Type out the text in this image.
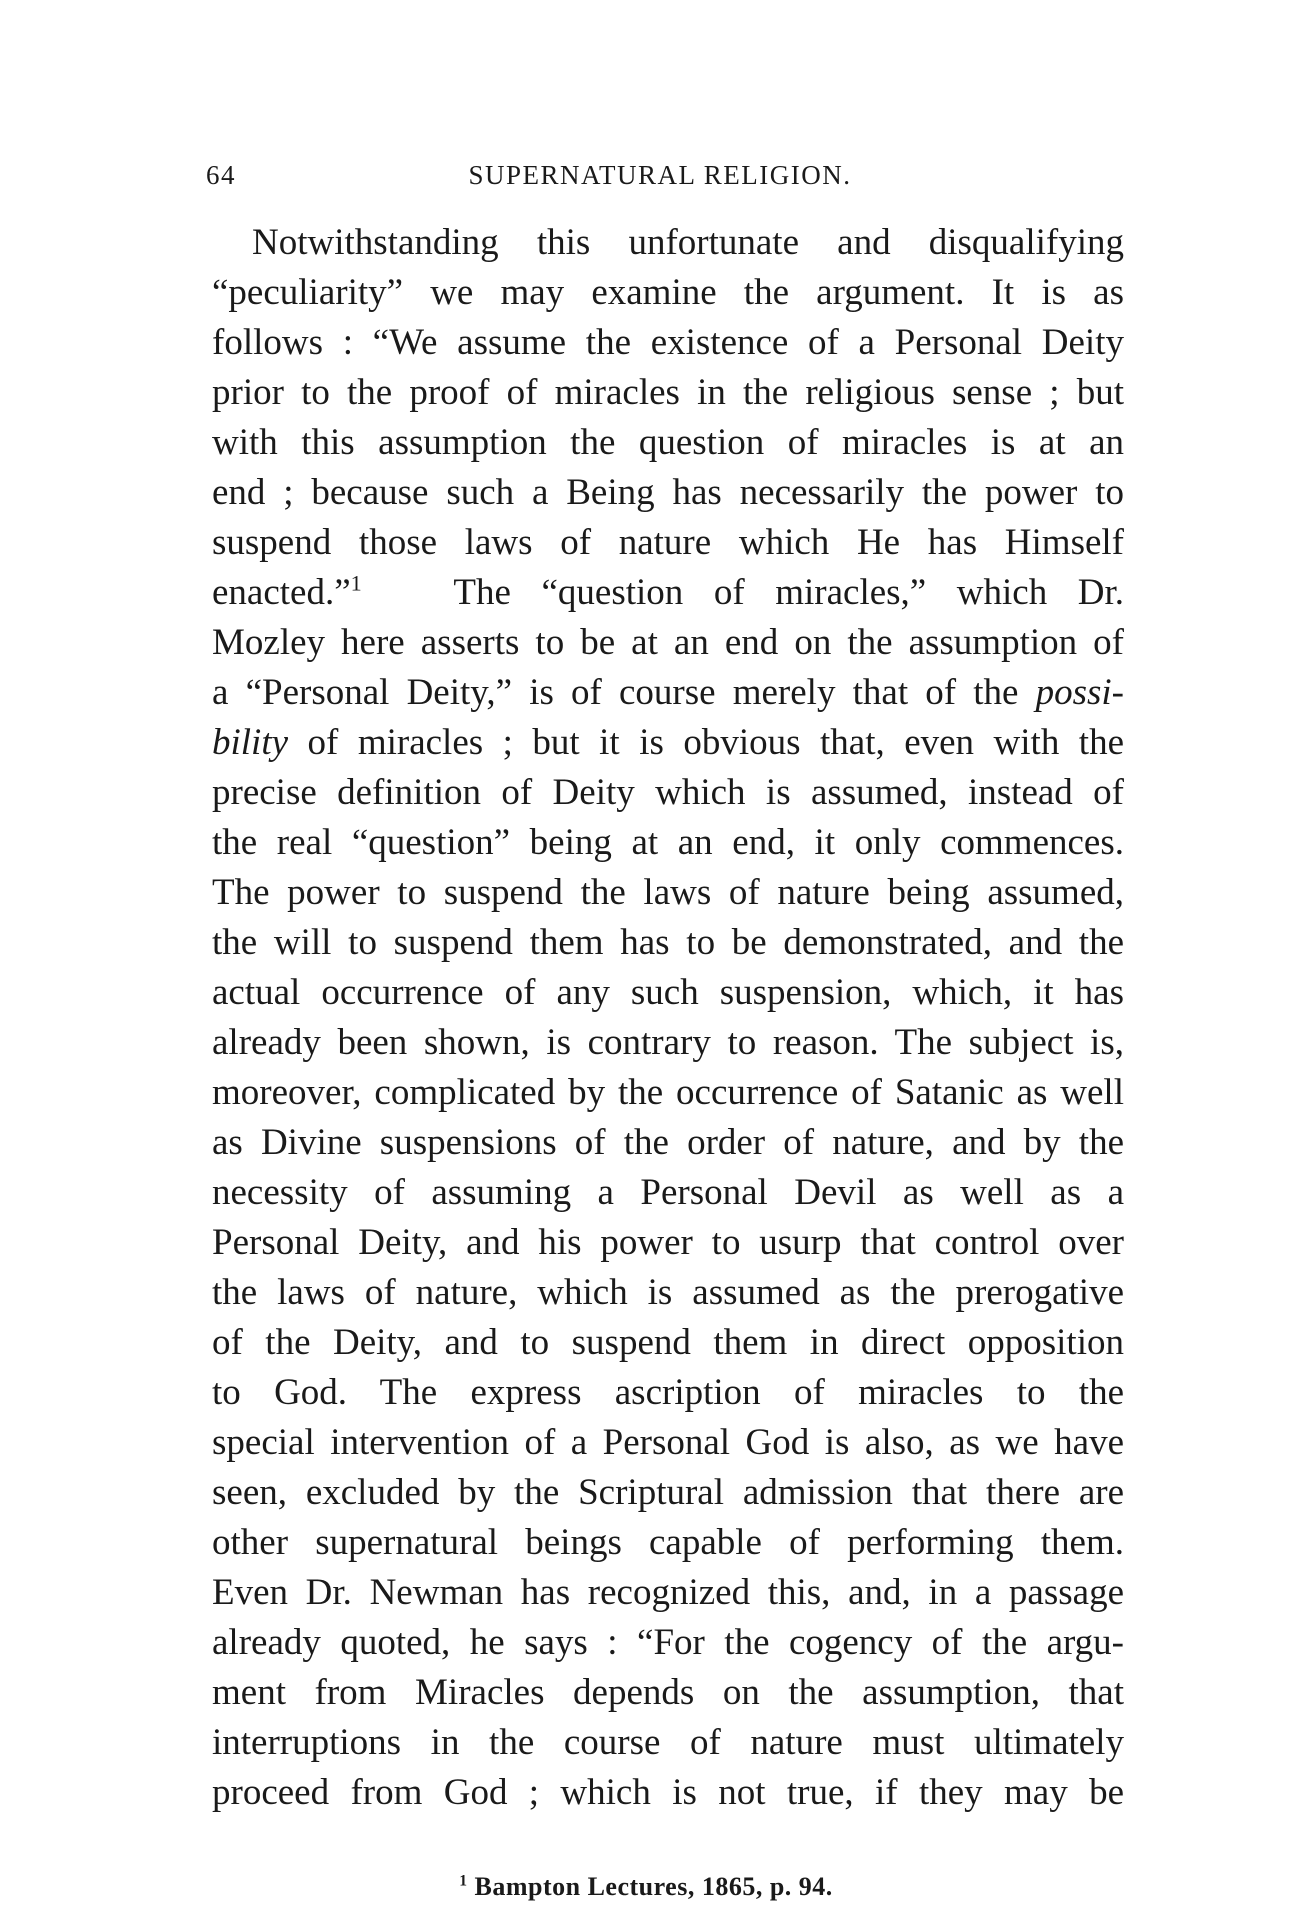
64	SUPERNATURAL RELIGION.
Notwithstanding this unfortunate and disqualifying
“peculiarity” we may examine the argument. It is as
follows : “We assume the existence of a Personal Deity
prior to the proof of miracles in the religious sense ; but
with this assumption the question of miracles is at an
end ; because such a Being has necessarily the power to
suspend those laws of nature which He has Himself
enacted.”$^1$ The “question of miracles,” which Dr.
Mozley here asserts to be at an end on the assumption of
a “Personal Deity,” is of course merely that of the possi-
bility of miracles ; but it is obvious that, even with the
precise definition of Deity which is assumed, instead of
the real “question” being at an end, it only commences.
The power to suspend the laws of nature being assumed,
the will to suspend them has to be demonstrated, and the
actual occurrence of any such suspension, which, it has
already been shown, is contrary to reason. The subject is,
moreover, complicated by the occurrence of Satanic as well
as Divine suspensions of the order of nature, and by the
necessity of assuming a Personal Devil as well as a
Personal Deity, and his power to usurp that control over
the laws of nature, which is assumed as the prerogative
of the Deity, and to suspend them in direct opposition
to God. The express ascription of miracles to the
special intervention of a Personal God is also, as we have
seen, excluded by the Scriptural admission that there are
other supernatural beings capable of performing them.
Even Dr. Newman has recognized this, and, in a passage
already quoted, he says : “For the cogency of the argu-
ment from Miracles depends on the assumption, that
interruptions in the course of nature must ultimately
proceed from God ; which is not true, if they may be
$^1$ Bampton Lectures, 1865, p. 94.
